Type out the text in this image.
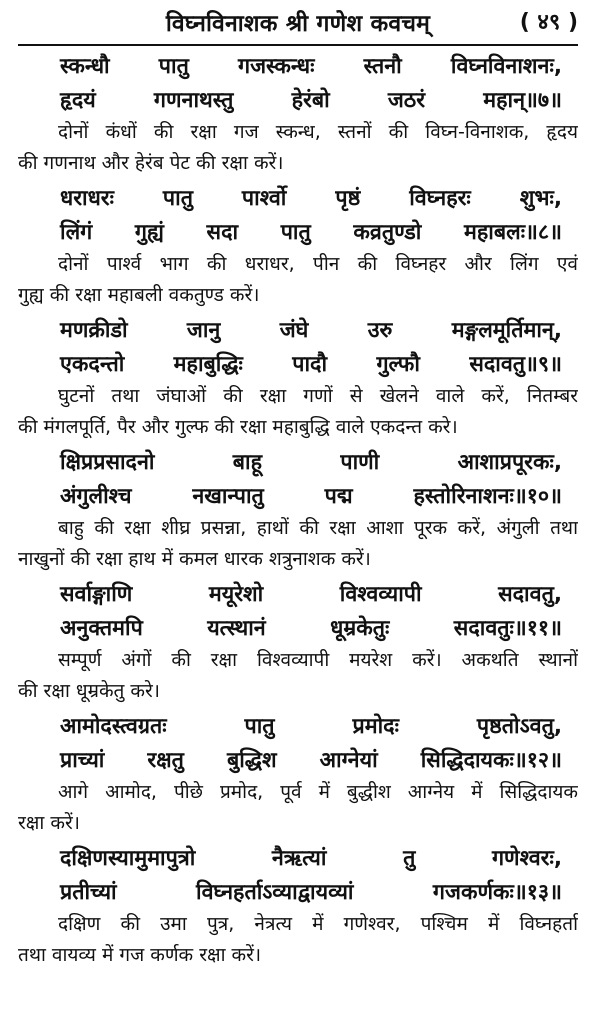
विघ्नविनाशक श्री गणेश कवचम्	( ४९ )
स्कन्धौ पातु गजस्कन्धः स्तनौ विघ्नविनाशनः,
हृदयं गणनाथस्तु हेरंबो जठरं महान्॥७॥
दोनों कंधों की रक्षा गज स्कन्ध, स्तनों की विघ्न-विनाशक, हृदय
की गणनाथ और हेरंब पेट की रक्षा करें।
धराधरः पातु पार्श्वो पृष्ठं विघ्नहरः शुभः,
लिंगं गुह्यं सदा पातु कव्रतुण्डो महाबलः॥८॥
दोनों पार्श्व भाग की धराधर, पीन की विघ्नहर और लिंग एवं
गुह्य की रक्षा महाबली वकतुण्ड करें।
मणक्रीडो जानु जंघे उरु मङ्गलमूर्तिमान्,
एकदन्तो महाबुद्धिः पादौ गुल्फौ सदावतु॥९॥
घुटनों तथा जंघाओं की रक्षा गणों से खेलने वाले करें, नितम्बर
की मंगलपूर्ति, पैर और गुल्फ की रक्षा महाबुद्धि वाले एकदन्त करे।
क्षिप्रप्रसादनो बाहू पाणी आशाप्रपूरकः,
अंगुलीश्च नखान्पातु पद्म हस्तोरिनाशनः॥१०॥
बाहु की रक्षा शीघ्र प्रसन्ना, हाथों की रक्षा आशा पूरक करें, अंगुली तथा
नाखुनों की रक्षा हाथ में कमल धारक शत्रुनाशक करें।
सर्वाङ्गाणि मयूरेशो विश्वव्यापी सदावतु,
अनुक्तमपि यत्स्थानं धूम्रकेतुः सदावतुः॥११॥
सम्पूर्ण अंगों की रक्षा विश्वव्यापी मयरेश करें। अकथति स्थानों
की रक्षा धूम्रकेतु करे।
आमोदस्त्वग्रतः पातु प्रमोदः पृष्ठतोऽवतु,
प्राच्यां रक्षतु बुद्धिश आग्नेयां सिद्धिदायकः॥१२॥
आगे आमोद, पीछे प्रमोद, पूर्व में बुद्धीश आग्नेय में सिद्धिदायक
रक्षा करें।
दक्षिणस्यामुमापुत्रो नैऋत्यां तु गणेश्वरः,
प्रतीच्यां विघ्नहर्ताऽव्याद्वायव्यां गजकर्णकः॥१३॥
दक्षिण की उमा पुत्र, नेत्रत्य में गणेश्वर, पश्चिम में विघ्नहर्ता
तथा वायव्य में गज कर्णक रक्षा करें।
